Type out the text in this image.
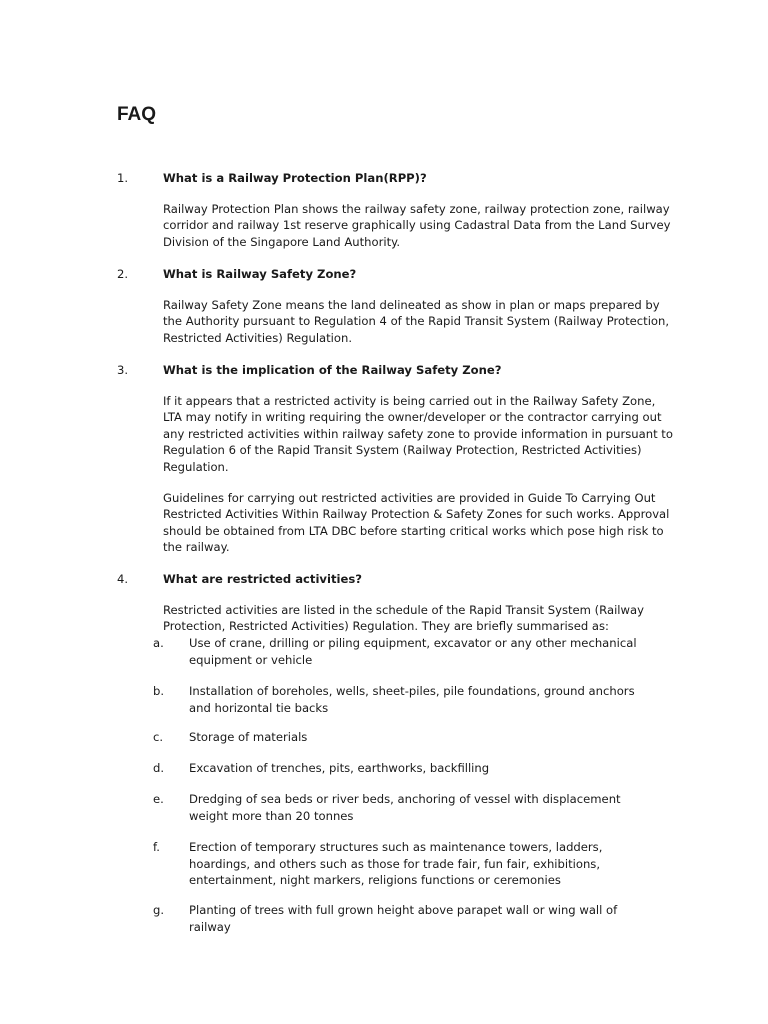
FAQ
1.	What is a Railway Protection Plan(RPP)?

Railway Protection Plan shows the railway safety zone, railway protection zone, railway corridor and railway 1st reserve graphically using Cadastral Data from the Land Survey Division of the Singapore Land Authority.

2.	What is Railway Safety Zone?

Railway Safety Zone means the land delineated as show in plan or maps prepared by the Authority pursuant to Regulation 4 of the Rapid Transit System (Railway Protection, Restricted Activities) Regulation.

3.	What is the implication of the Railway Safety Zone?

If it appears that a restricted activity is being carried out in the Railway Safety Zone, LTA may notify in writing requiring the owner/developer or the contractor carrying out any restricted activities within railway safety zone to provide information in pursuant to Regulation 6 of the Rapid Transit System (Railway Protection, Restricted Activities) Regulation.

Guidelines for carrying out restricted activities are provided in Guide To Carrying Out Restricted Activities Within Railway Protection & Safety Zones for such works. Approval should be obtained from LTA DBC before starting critical works which pose high risk to the railway.

4.	What are restricted activities?

Restricted activities are listed in the schedule of the Rapid Transit System (Railway Protection, Restricted Activities) Regulation. They are briefly summarised as:

a. Use of crane, drilling or piling equipment, excavator or any other mechanical equipment or vehicle
b. Installation of boreholes, wells, sheet-piles, pile foundations, ground anchors and horizontal tie backs
c. Storage of materials
d. Excavation of trenches, pits, earthworks, backfilling
e. Dredging of sea beds or river beds, anchoring of vessel with displacement weight more than 20 tonnes
f.	Erection of temporary structures such as maintenance towers, ladders, hoardings, and others such as those for trade fair, fun fair, exhibitions, entertainment, night markers, religions functions or ceremonies
g. Planting of trees with full grown height above parapet wall or wing wall of railway
